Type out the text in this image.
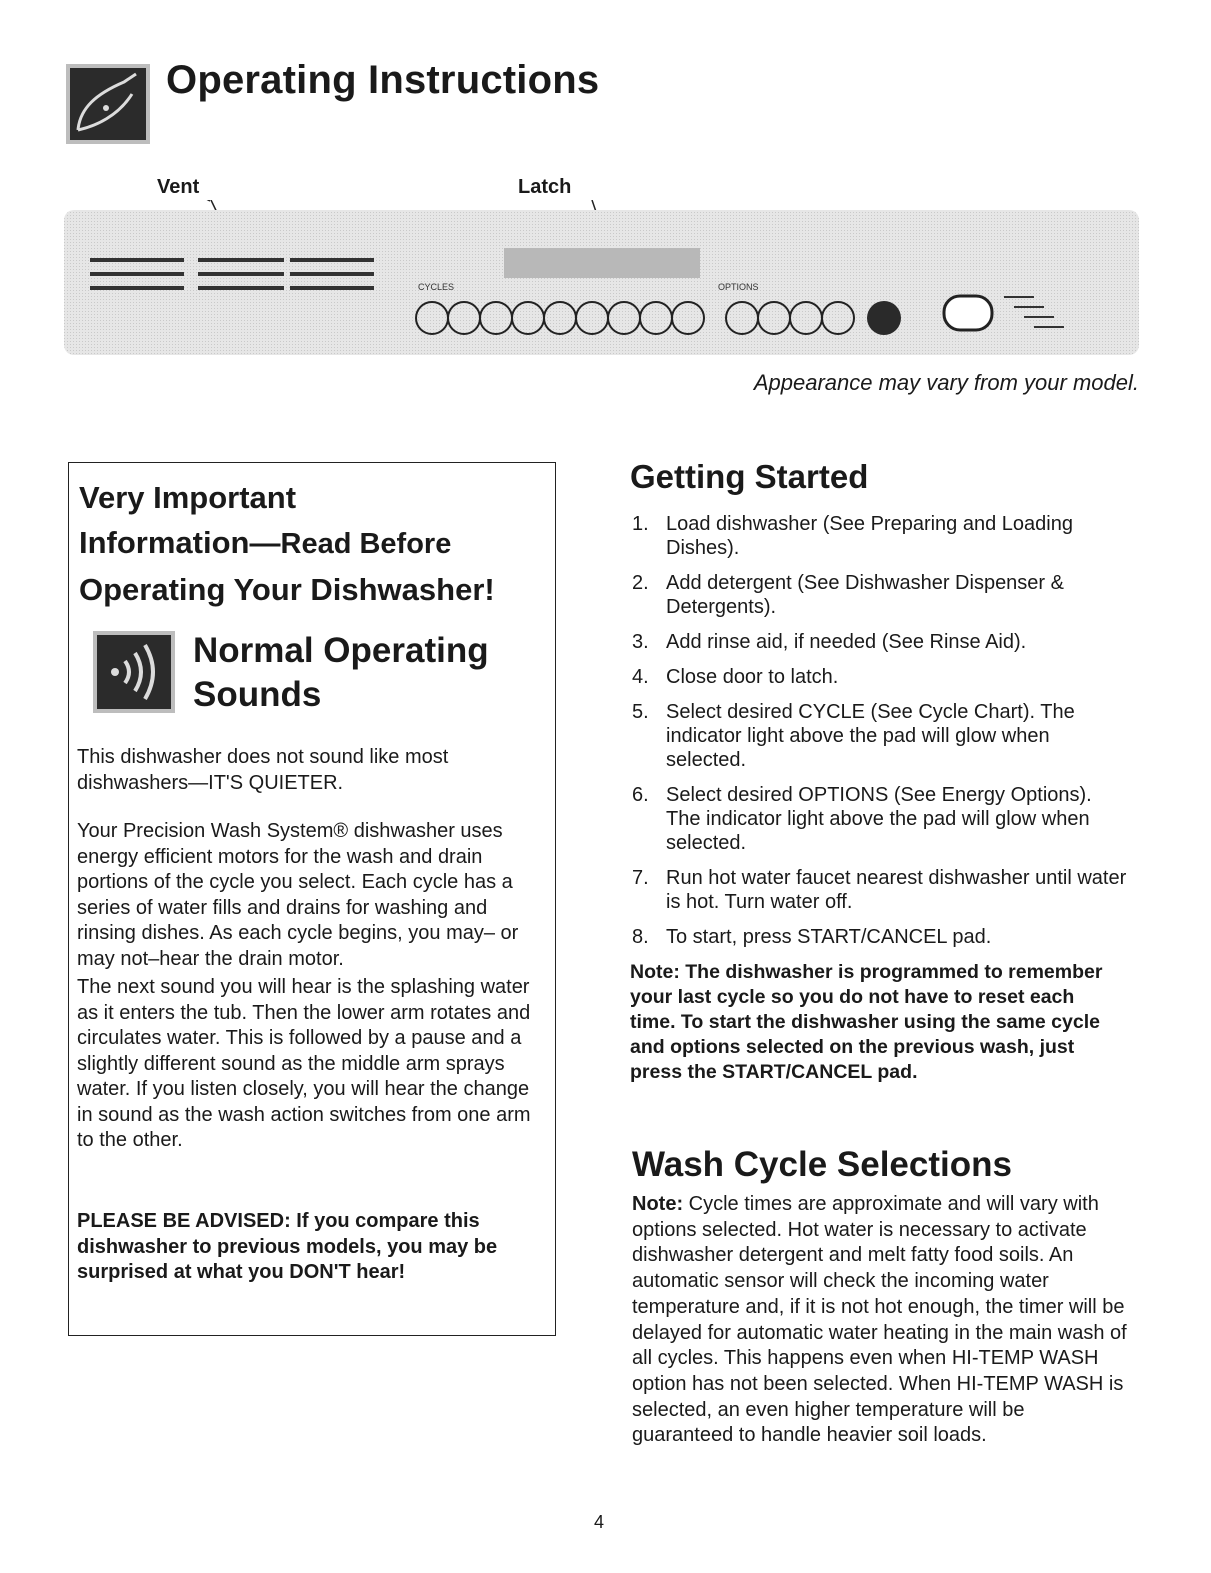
Operating Instructions
Vent	Latch
CYCLES	OPTIONS
Appearance may vary from your model.
Very Important
Information—Read Before
Operating Your Dishwasher!
Normal Operating
Sounds

This dishwasher does not sound like most dishwashers—IT'S QUIETER.

Your Precision Wash System® dishwasher uses energy efficient motors for the wash and drain portions of the cycle you select. Each cycle has a series of water fills and drains for washing and rinsing dishes. As each cycle begins, you may– or may not–hear the drain motor.

The next sound you will hear is the splashing water as it enters the tub. Then the lower arm rotates and circulates water. This is followed by a pause and a slightly different sound as the middle arm sprays water. If you listen closely, you will hear the change in sound as the wash action switches from one arm to the other.

PLEASE BE ADVISED: If you compare this dishwasher to previous models, you may be surprised at what you DON'T hear!

Getting Started
1. Load dishwasher (See Preparing and Loading Dishes).
2. Add detergent (See Dishwasher Dispenser & Detergents).
3. Add rinse aid, if needed (See Rinse Aid).
4. Close door to latch.
5. Select desired CYCLE (See Cycle Chart). The indicator light above the pad will glow when selected.
6. Select desired OPTIONS (See Energy Options). The indicator light above the pad will glow when selected.
7. Run hot water faucet nearest dishwasher until water is hot. Turn water off.
8. To start, press START/CANCEL pad.

Note: The dishwasher is programmed to remember your last cycle so you do not have to reset each time. To start the dishwasher using the same cycle and options selected on the previous wash, just press the START/CANCEL pad.

Wash Cycle Selections

Note: Cycle times are approximate and will vary with options selected. Hot water is necessary to activate dishwasher detergent and melt fatty food soils. An automatic sensor will check the incoming water temperature and, if it is not hot enough, the timer will be delayed for automatic water heating in the main wash of all cycles. This happens even when HI-TEMP WASH option has not been selected. When HI-TEMP WASH is selected, an even higher temperature will be guaranteed to handle heavier soil loads.

4
